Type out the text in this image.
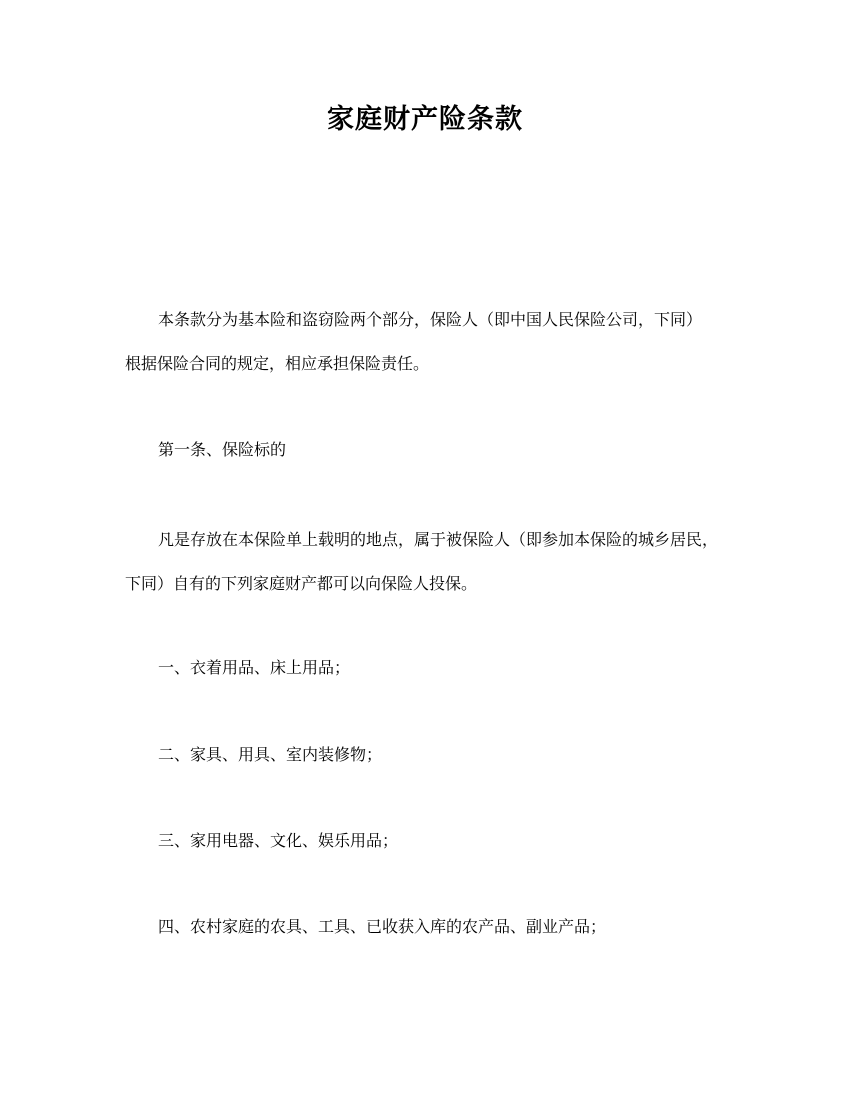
家庭财产险条款

本条款分为基本险和盗窃险两个部分，保险人（即中国人民保险公司，下同）
根据保险合同的规定，相应承担保险责任。

第一条、保险标的

凡是存放在本保险单上载明的地点，属于被保险人（即参加本保险的城乡居民，
下同）自有的下列家庭财产都可以向保险人投保。

一、衣着用品、床上用品；

二、家具、用具、室内装修物；

三、家用电器、文化、娱乐用品；

四、农村家庭的农具、工具、已收获入库的农产品、副业产品；
